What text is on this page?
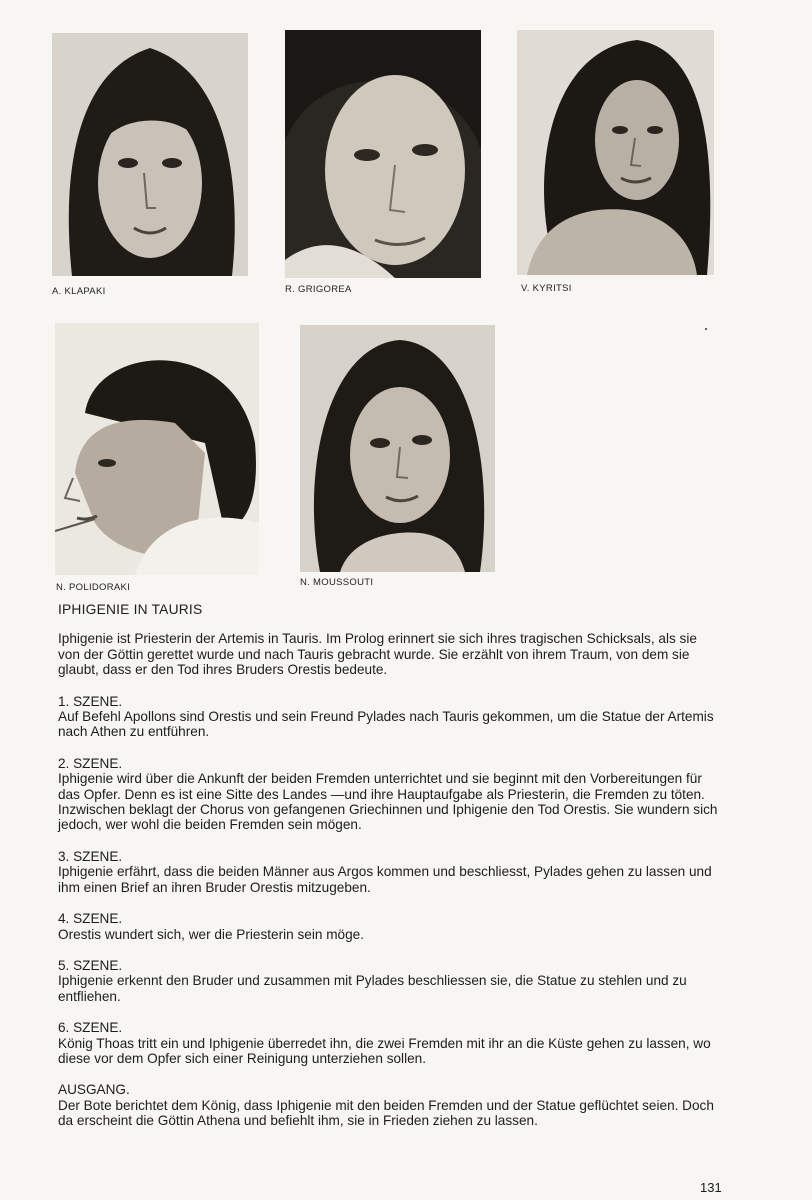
A. KLAPAKI	R. GRIGOREA	V. KYRITSI
N. POLIDORAKI	N. MOUSSOUTI
IPHIGENIE IN TAURIS

Iphigenie ist Priesterin der Artemis in Tauris. Im Prolog erinnert sie sich ihres tragischen Schicksals, als sie von der Göttin gerettet wurde und nach Tauris gebracht wurde. Sie erzählt von ihrem Traum, von dem sie glaubt, dass er den Tod ihres Bruders Orestis bedeute.

1. SZENE.
Auf Befehl Apollons sind Orestis und sein Freund Pylades nach Tauris gekommen, um die Statue der Artemis nach Athen zu entführen.
2. SZENE.
Iphigenie wird über die Ankunft der beiden Fremden unterrichtet und sie beginnt mit den Vorbereitungen für das Opfer. Denn es ist eine Sitte des Landes —und ihre Hauptaufgabe als Priesterin, die Fremden zu töten. Inzwischen beklagt der Chorus von gefangenen Griechinnen und Iphigenie den Tod Orestis. Sie wundern sich jedoch, wer wohl die beiden Fremden sein mögen.
3. SZENE.
Iphigenie erfährt, dass die beiden Männer aus Argos kommen und beschliesst, Pylades gehen zu lassen und ihm einen Brief an ihren Bruder Orestis mitzugeben.
4. SZENE.
Orestis wundert sich, wer die Priesterin sein möge.
5. SZENE.
Iphigenie erkennt den Bruder und zusammen mit Pylades beschliessen sie, die Statue zu stehlen und zu entfliehen.
6. SZENE.
König Thoas tritt ein und Iphigenie überredet ihn, die zwei Fremden mit ihr an die Küste gehen zu lassen, wo diese vor dem Opfer sich einer Reinigung unterziehen sollen.
AUSGANG.
Der Bote berichtet dem König, dass Iphigenie mit den beiden Fremden und der Statue geflüchtet seien. Doch da erscheint die Göttin Athena und befiehlt ihm, sie in Frieden ziehen zu lassen.
131
